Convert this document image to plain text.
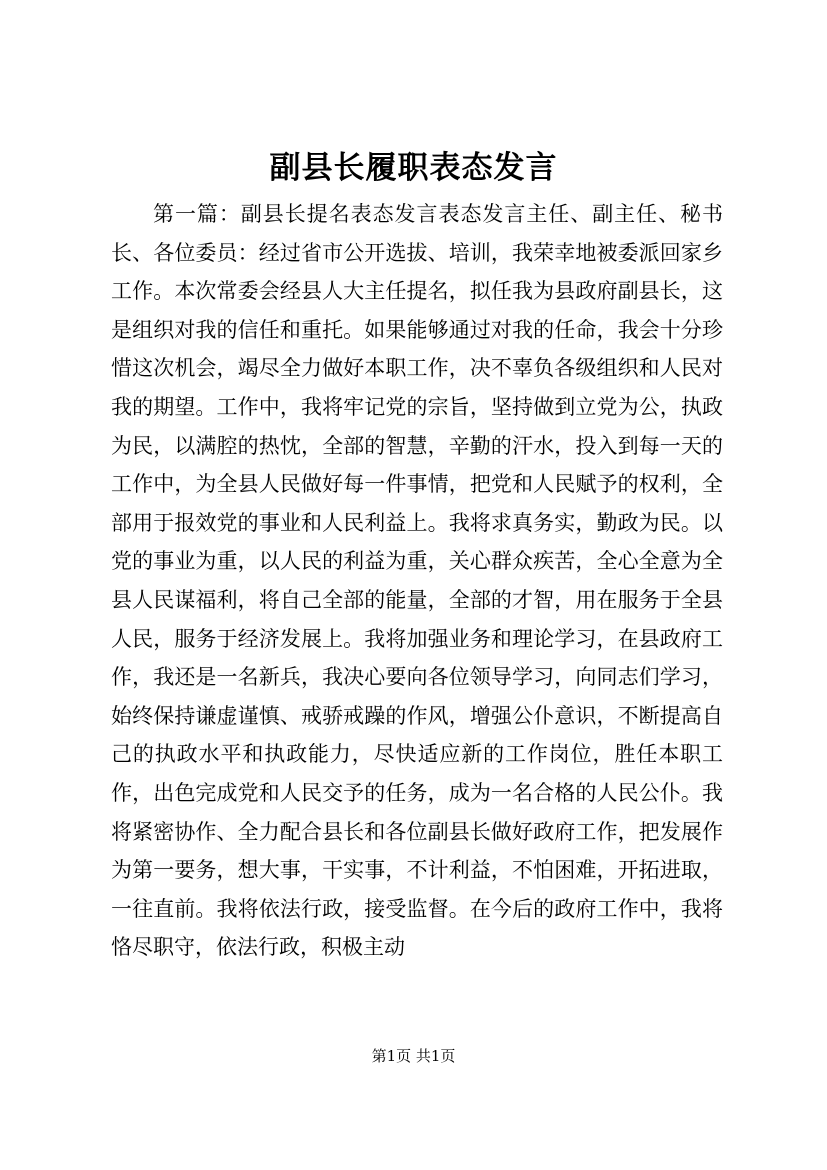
副县长履职表态发言

第一篇：副县长提名表态发言表态发言主任、副主任、秘书长、各位委员：经过省市公开选拔、培训，我荣幸地被委派回家乡工作。本次常委会经县人大主任提名，拟任我为县政府副县长，这是组织对我的信任和重托。如果能够通过对我的任命，我会十分珍惜这次机会，竭尽全力做好本职工作，决不辜负各级组织和人民对我的期望。工作中，我将牢记党的宗旨，坚持做到立党为公，执政为民，以满腔的热忱，全部的智慧，辛勤的汗水，投入到每一天的工作中，为全县人民做好每一件事情，把党和人民赋予的权利，全部用于报效党的事业和人民利益上。我将求真务实，勤政为民。以党的事业为重，以人民的利益为重，关心群众疾苦，全心全意为全县人民谋福利，将自己全部的能量，全部的才智，用在服务于全县人民，服务于经济发展上。我将加强业务和理论学习，在县政府工作，我还是一名新兵，我决心要向各位领导学习，向同志们学习，始终保持谦虚谨慎、戒骄戒躁的作风，增强公仆意识，不断提高自己的执政水平和执政能力，尽快适应新的工作岗位，胜任本职工作，出色完成党和人民交予的任务，成为一名合格的人民公仆。我将紧密协作、全力配合县长和各位副县长做好政府工作，把发展作为第一要务，想大事，干实事，不计利益，不怕困难，开拓进取，一往直前。我将依法行政，接受监督。在今后的政府工作中，我将恪尽职守，依法行政，积极主动

第1页 共1页
